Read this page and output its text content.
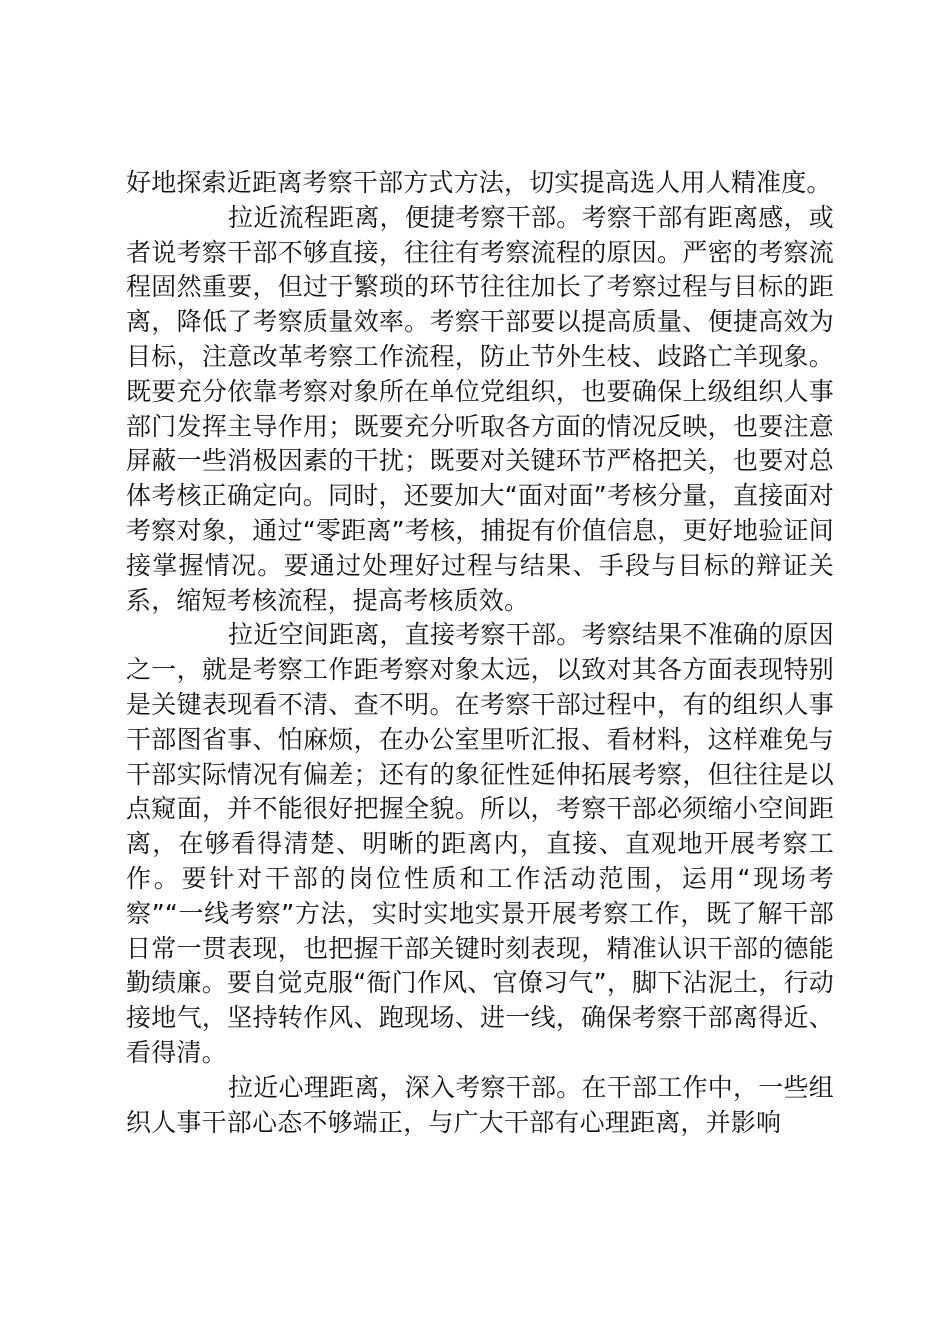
好地探索近距离考察干部方式方法，切实提高选人用人精准度。

拉近流程距离，便捷考察干部。考察干部有距离感，或者说考察干部不够直接，往往有考察流程的原因。严密的考察流程固然重要，但过于繁琐的环节往往加长了考察过程与目标的距离，降低了考察质量效率。考察干部要以提高质量、便捷高效为目标，注意改革考察工作流程，防止节外生枝、歧路亡羊现象。既要充分依靠考察对象所在单位党组织，也要确保上级组织人事部门发挥主导作用；既要充分听取各方面的情况反映，也要注意屏蔽一些消极因素的干扰；既要对关键环节严格把关，也要对总体考核正确定向。同时，还要加大“面对面”考核分量，直接面对考察对象，通过“零距离”考核，捕捉有价值信息，更好地验证间接掌握情况。要通过处理好过程与结果、手段与目标的辩证关系，缩短考核流程，提高考核质效。

拉近空间距离，直接考察干部。考察结果不准确的原因之一，就是考察工作距考察对象太远，以致对其各方面表现特别是关键表现看不清、查不明。在考察干部过程中，有的组织人事干部图省事、怕麻烦，在办公室里听汇报、看材料，这样难免与干部实际情况有偏差；还有的象征性延伸拓展考察，但往往是以点窥面，并不能很好把握全貌。所以，考察干部必须缩小空间距离，在够看得清楚、明晰的距离内，直接、直观地开展考察工作。要针对干部的岗位性质和工作活动范围，运用“现场考察”“一线考察”方法，实时实地实景开展考察工作，既了解干部日常一贯表现，也把握干部关键时刻表现，精准认识干部的德能勤绩廉。要自觉克服“衙门作风、官僚习气”，脚下沾泥土，行动接地气，坚持转作风、跑现场、进一线，确保考察干部离得近、看得清。

拉近心理距离，深入考察干部。在干部工作中，一些组织人事干部心态不够端正，与广大干部有心理距离，并影响
